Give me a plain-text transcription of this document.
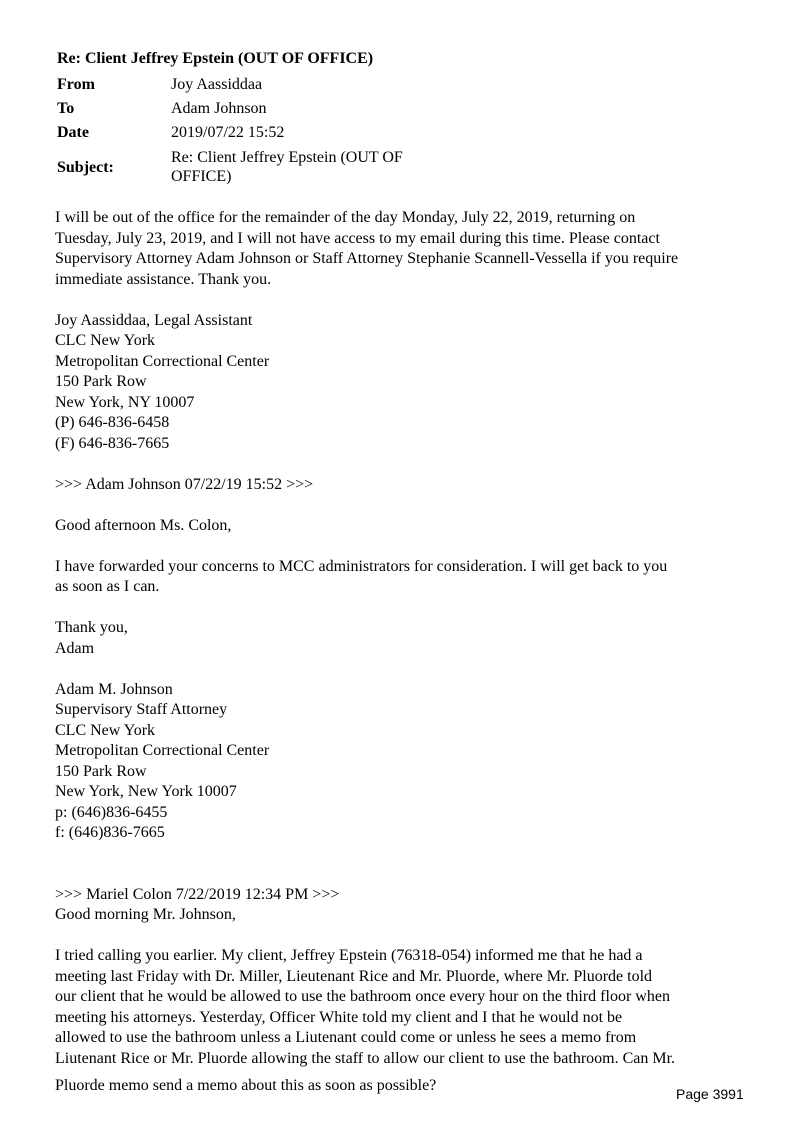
Re: Client Jeffrey Epstein (OUT OF OFFICE)
From	Joy Aassiddaa
To	Adam Johnson
Date	2019/07/22 15:52
Subject:	Re: Client Jeffrey Epstein (OUT OF
OFFICE)

I will be out of the office for the remainder of the day Monday, July 22, 2019, returning on
Tuesday, July 23, 2019, and I will not have access to my email during this time. Please contact
Supervisory Attorney Adam Johnson or Staff Attorney Stephanie Scannell-Vessella if you require
immediate assistance. Thank you.

Joy Aassiddaa, Legal Assistant
CLC New York
Metropolitan Correctional Center
150 Park Row
New York, NY 10007
(P) 646-836-6458
(F) 646-836-7665

>>> Adam Johnson 07/22/19 15:52 >>>

Good afternoon Ms. Colon,

I have forwarded your concerns to MCC administrators for consideration. I will get back to you
as soon as I can.

Thank you,
Adam

Adam M. Johnson
Supervisory Staff Attorney
CLC New York
Metropolitan Correctional Center
150 Park Row
New York, New York 10007
p: (646)836-6455
f: (646)836-7665

>>> Mariel Colon 7/22/2019 12:34 PM >>>

Good morning Mr. Johnson,

I tried calling you earlier. My client, Jeffrey Epstein (76318-054) informed me that he had a
meeting last Friday with Dr. Miller, Lieutenant Rice and Mr. Pluorde, where Mr. Pluorde told
our client that he would be allowed to use the bathroom once every hour on the third floor when
meeting his attorneys. Yesterday, Officer White told my client and I that he would not be
allowed to use the bathroom unless a Liutenant could come or unless he sees a memo from
Liutenant Rice or Mr. Pluorde allowing the staff to allow our client to use the bathroom. Can Mr.

Pluorde memo send a memo about this as soon as possible?	Page 3991
